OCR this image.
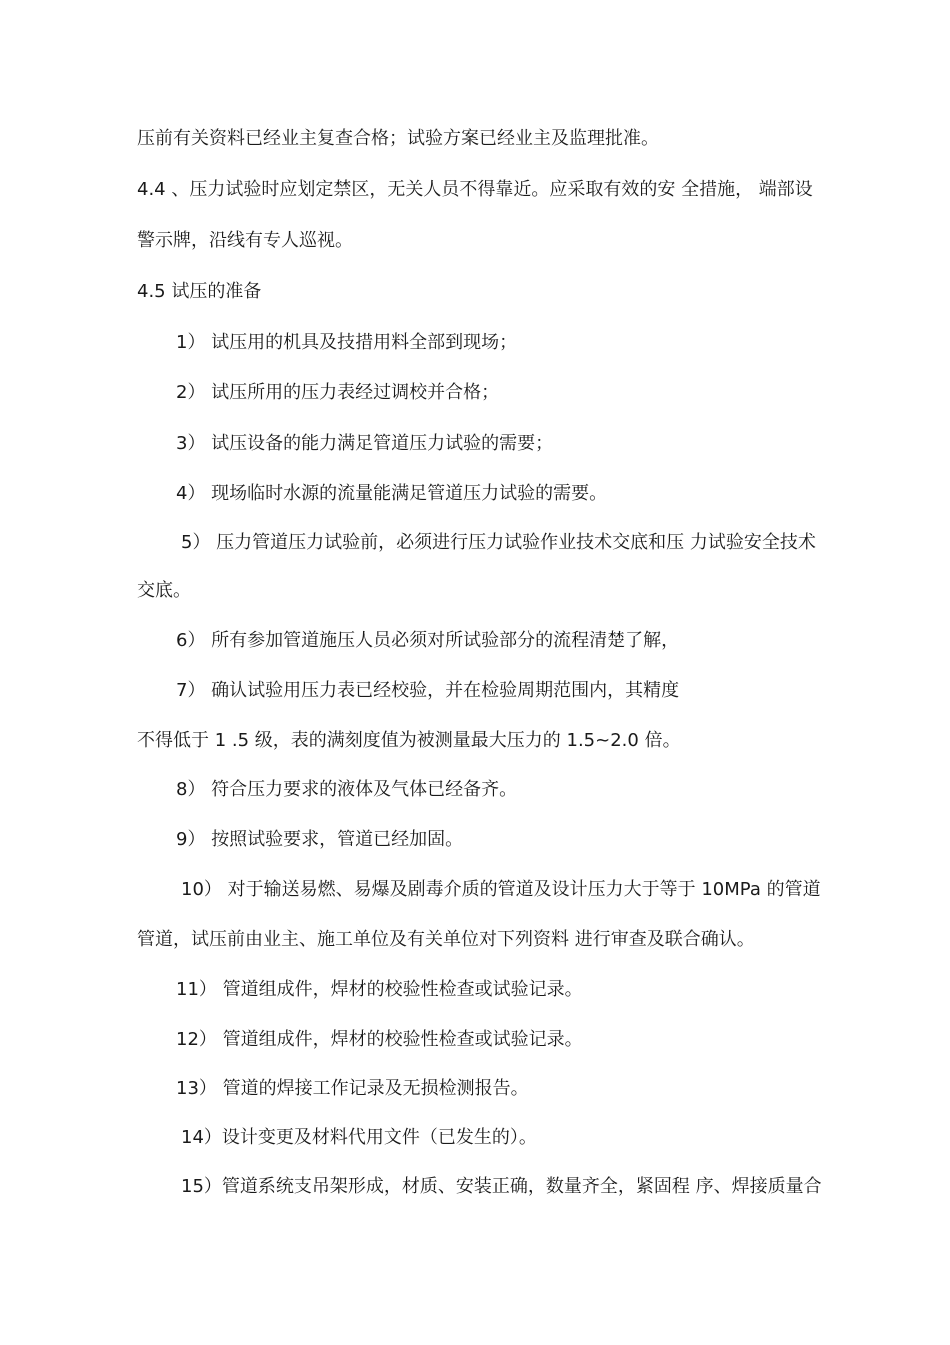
压前有关资料已经业主复查合格；试验方案已经业主及监理批准。
4.4 、压力试验时应划定禁区，无关人员不得靠近。应采取有效的安 全措施， 端部设
警示牌，沿线有专人巡视。
4.5 试压的准备
1） 试压用的机具及技措用料全部到现场；
2） 试压所用的压力表经过调校并合格；
3） 试压设备的能力满足管道压力试验的需要；
4） 现场临时水源的流量能满足管道压力试验的需要。
5） 压力管道压力试验前，必须进行压力试验作业技术交底和压 力试验安全技术
交底。
6） 所有参加管道施压人员必须对所试验部分的流程清楚了解，
7） 确认试验用压力表已经校验，并在检验周期范围内，其精度
不得低于 1 .5 级，表的满刻度值为被测量最大压力的 1.5~2.0 倍。
8） 符合压力要求的液体及气体已经备齐。
9） 按照试验要求，管道已经加固。
10） 对于输送易燃、易爆及剧毒介质的管道及设计压力大于等于 10MPa 的管道
管道，试压前由业主、施工单位及有关单位对下列资料 进行审查及联合确认。
11） 管道组成件，焊材的校验性检查或试验记录。
12） 管道组成件，焊材的校验性检查或试验记录。
13） 管道的焊接工作记录及无损检测报告。
14）设计变更及材料代用文件（已发生的）。
15）管道系统支吊架形成，材质、安装正确，数量齐全，紧固程 序、焊接质量合
